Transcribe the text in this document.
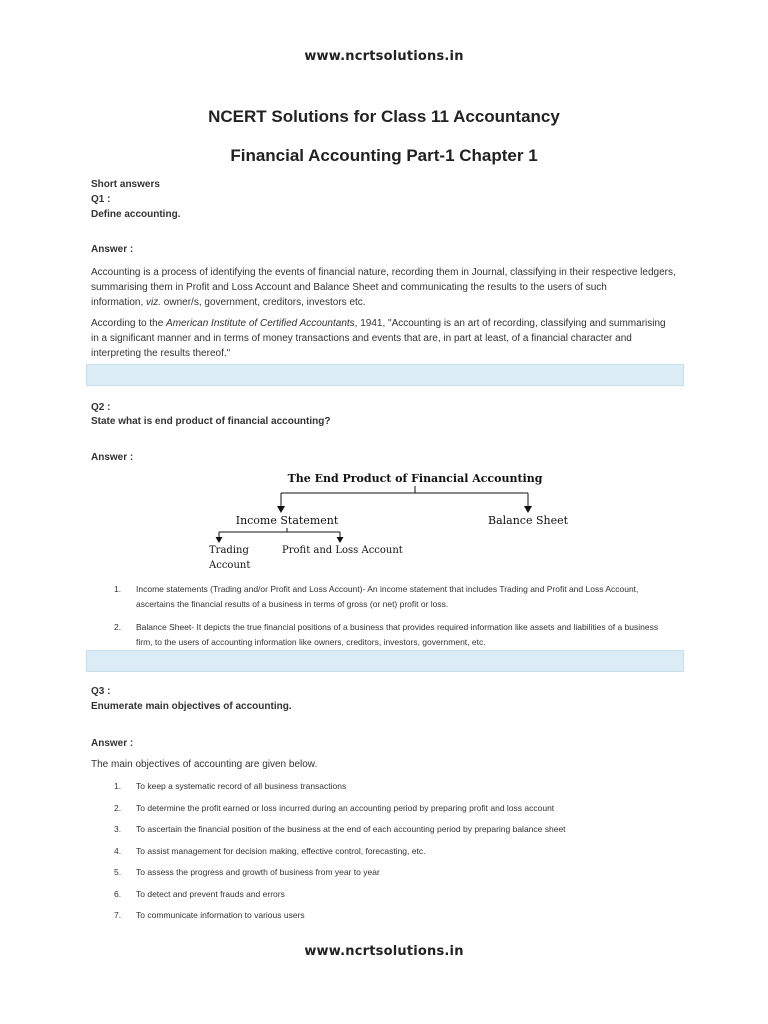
www.ncrtsolutions.in
NCERT Solutions for Class 11 Accountancy
Financial Accounting Part-1 Chapter 1
Short answers
Q1 :
Define accounting.
Answer :

Accounting is a process of identifying the events of financial nature, recording them in Journal, classifying in their respective ledgers,
summarising them in Profit and Loss Account and Balance Sheet and communicating the results to the users of such
information, viz. owner/s, government, creditors, investors etc.

According to the American Institute of Certified Accountants, 1941, "Accounting is an art of recording, classifying and summarising
in a significant manner and in terms of money transactions and events that are, in part at least, of a financial character and
interpreting the results thereof."

Q2 :
State what is end product of financial accounting?
Answer :
The End Product of Financial Accounting
Income Statement	Balance Sheet
Trading
Account
Profit and Loss Account
1. Income statements (Trading and/or Profit and Loss Account)- An income statement that includes Trading and Profit and Loss Account,
ascertains the financial results of a business in terms of gross (or net) profit or loss.
2. Balance Sheet- It depicts the true financial positions of a business that provides required information like assets and liabilities of a business
firm, to the users of accounting information like owners, creditors, investors, government, etc.
Q3 :
Enumerate main objectives of accounting.
Answer :
The main objectives of accounting are given below.
1. To keep a systematic record of all business transactions
2. To determine the profit earned or loss incurred during an accounting period by preparing profit and loss account
3. To ascertain the financial position of the business at the end of each accounting period by preparing balance sheet
4. To assist management for decision making, effective control, forecasting, etc.
5. To assess the progress and growth of business from year to year
6. To detect and prevent frauds and errors
7. To communicate information to various users
www.ncrtsolutions.in
